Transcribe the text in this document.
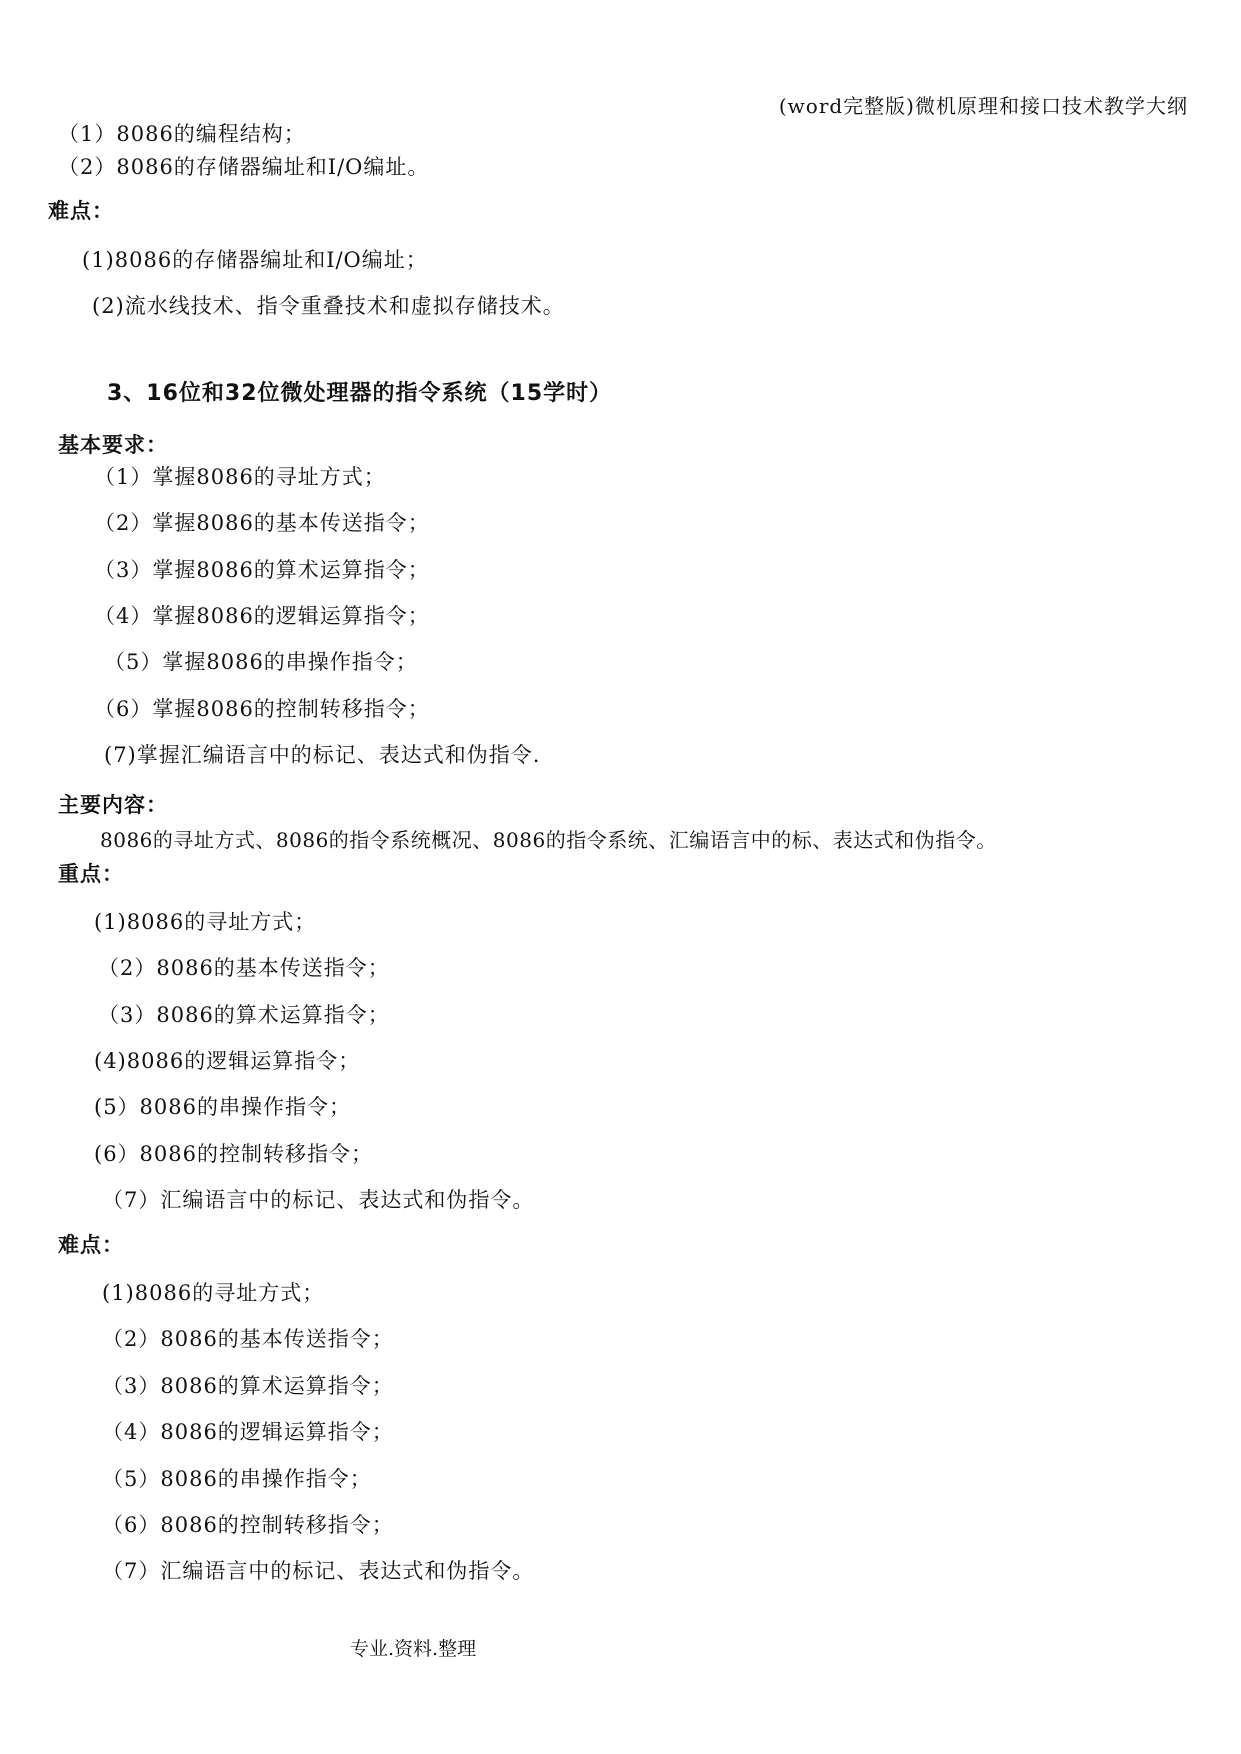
(word完整版)微机原理和接口技术教学大纲
（1）8086的编程结构；
（2）8086的存储器编址和I/O编址。
难点：
(1)8086的存储器编址和I/O编址；
(2)流水线技术、指令重叠技术和虚拟存储技术。
3、16位和32位微处理器的指令系统（15学时）
基本要求：
（1）掌握8086的寻址方式；
（2）掌握8086的基本传送指令；
（3）掌握8086的算术运算指令；
（4）掌握8086的逻辑运算指令；
（5）掌握8086的串操作指令；
（6）掌握8086的控制转移指令；
(7)掌握汇编语言中的标记、表达式和伪指令.
主要内容：
8086的寻址方式、8086的指令系统概况、8086的指令系统、汇编语言中的标、表达式和伪指令。
重点：
(1)8086的寻址方式；
（2）8086的基本传送指令；
（3）8086的算术运算指令；
(4)8086的逻辑运算指令；
(5）8086的串操作指令；
(6）8086的控制转移指令；
（7）汇编语言中的标记、表达式和伪指令。
难点：
(1)8086的寻址方式；
（2）8086的基本传送指令；
（3）8086的算术运算指令；
（4）8086的逻辑运算指令；
（5）8086的串操作指令；
（6）8086的控制转移指令；
（7）汇编语言中的标记、表达式和伪指令。
专业.资料.整理
